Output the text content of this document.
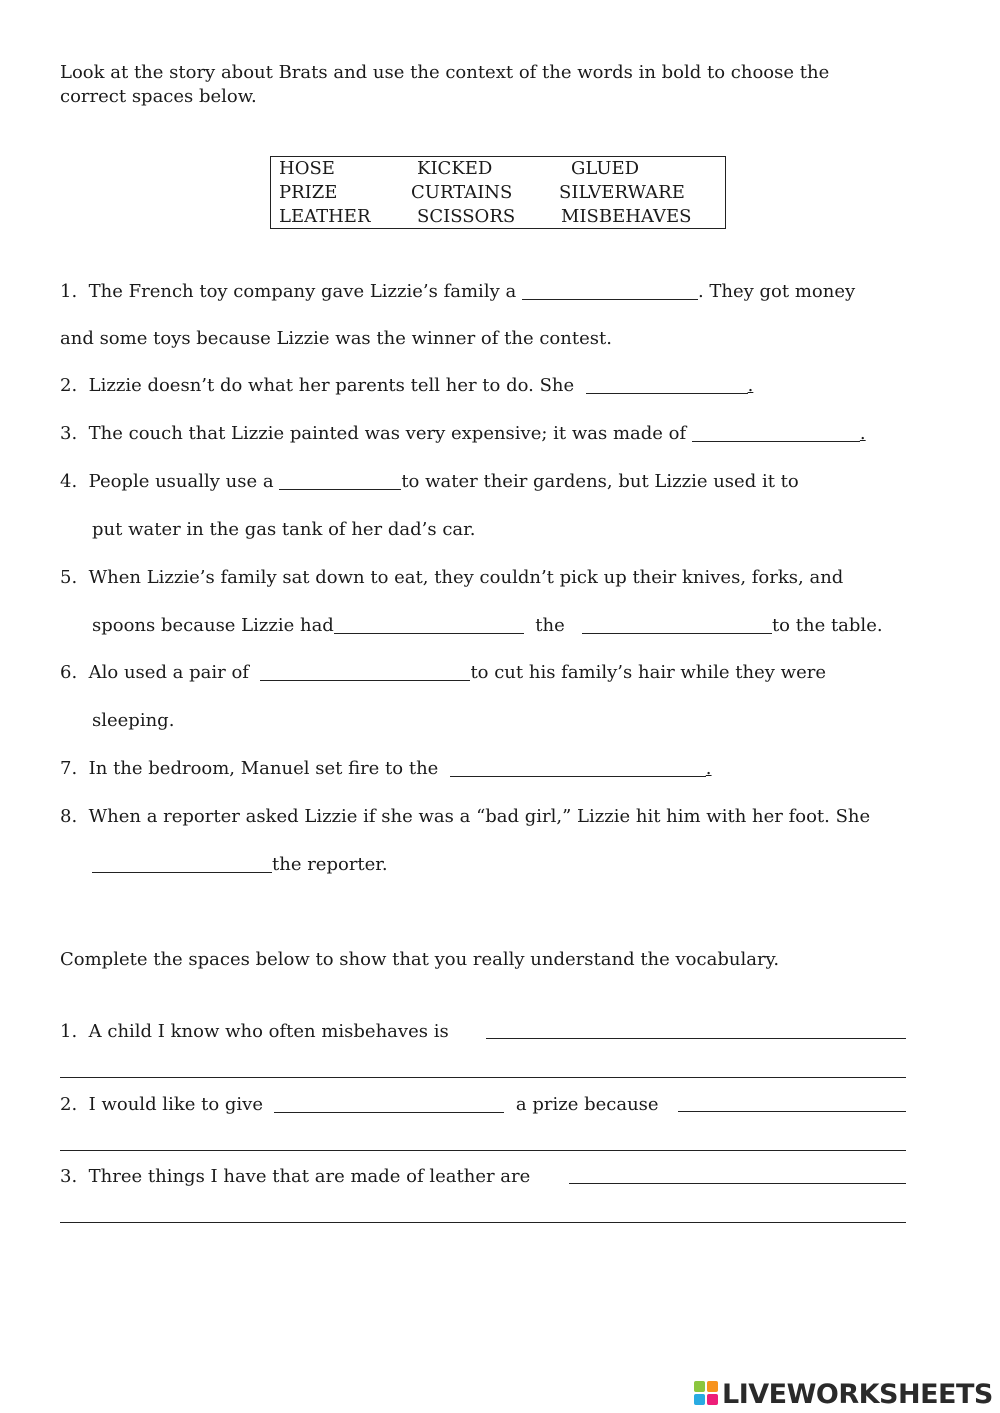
Look at the story about Brats and use the context of the words in bold to choose the
correct spaces below.
HOSE	KICKED	GLUED
PRIZE	CURTAINS	SILVERWARE
LEATHER	SCISSORS	MISBEHAVES
1. The French toy company gave Lizzie’s family a	. They got money
and some toys because Lizzie was the winner of the contest.
2. Lizzie doesn’t do what her parents tell her to do. She	.
3. The couch that Lizzie painted was very expensive; it was made of	.
4. People usually use a	to water their gardens, but Lizzie used it to
put water in the gas tank of her dad’s car.
5. When Lizzie’s family sat down to eat, they couldn’t pick up their knives, forks, and
spoons because Lizzie had	the	to the table.
6. Alo used a pair of	to cut his family’s hair while they were
sleeping.
7. In the bedroom, Manuel set fire to the	.
8. When a reporter asked Lizzie if she was a “bad girl,” Lizzie hit him with her foot. She
the reporter.
Complete the spaces below to show that you really understand the vocabulary.
1. A child I know who often misbehaves is
2. I would like to give	a prize because
3. Three things I have that are made of leather are
LIVEWORKSHEETS
